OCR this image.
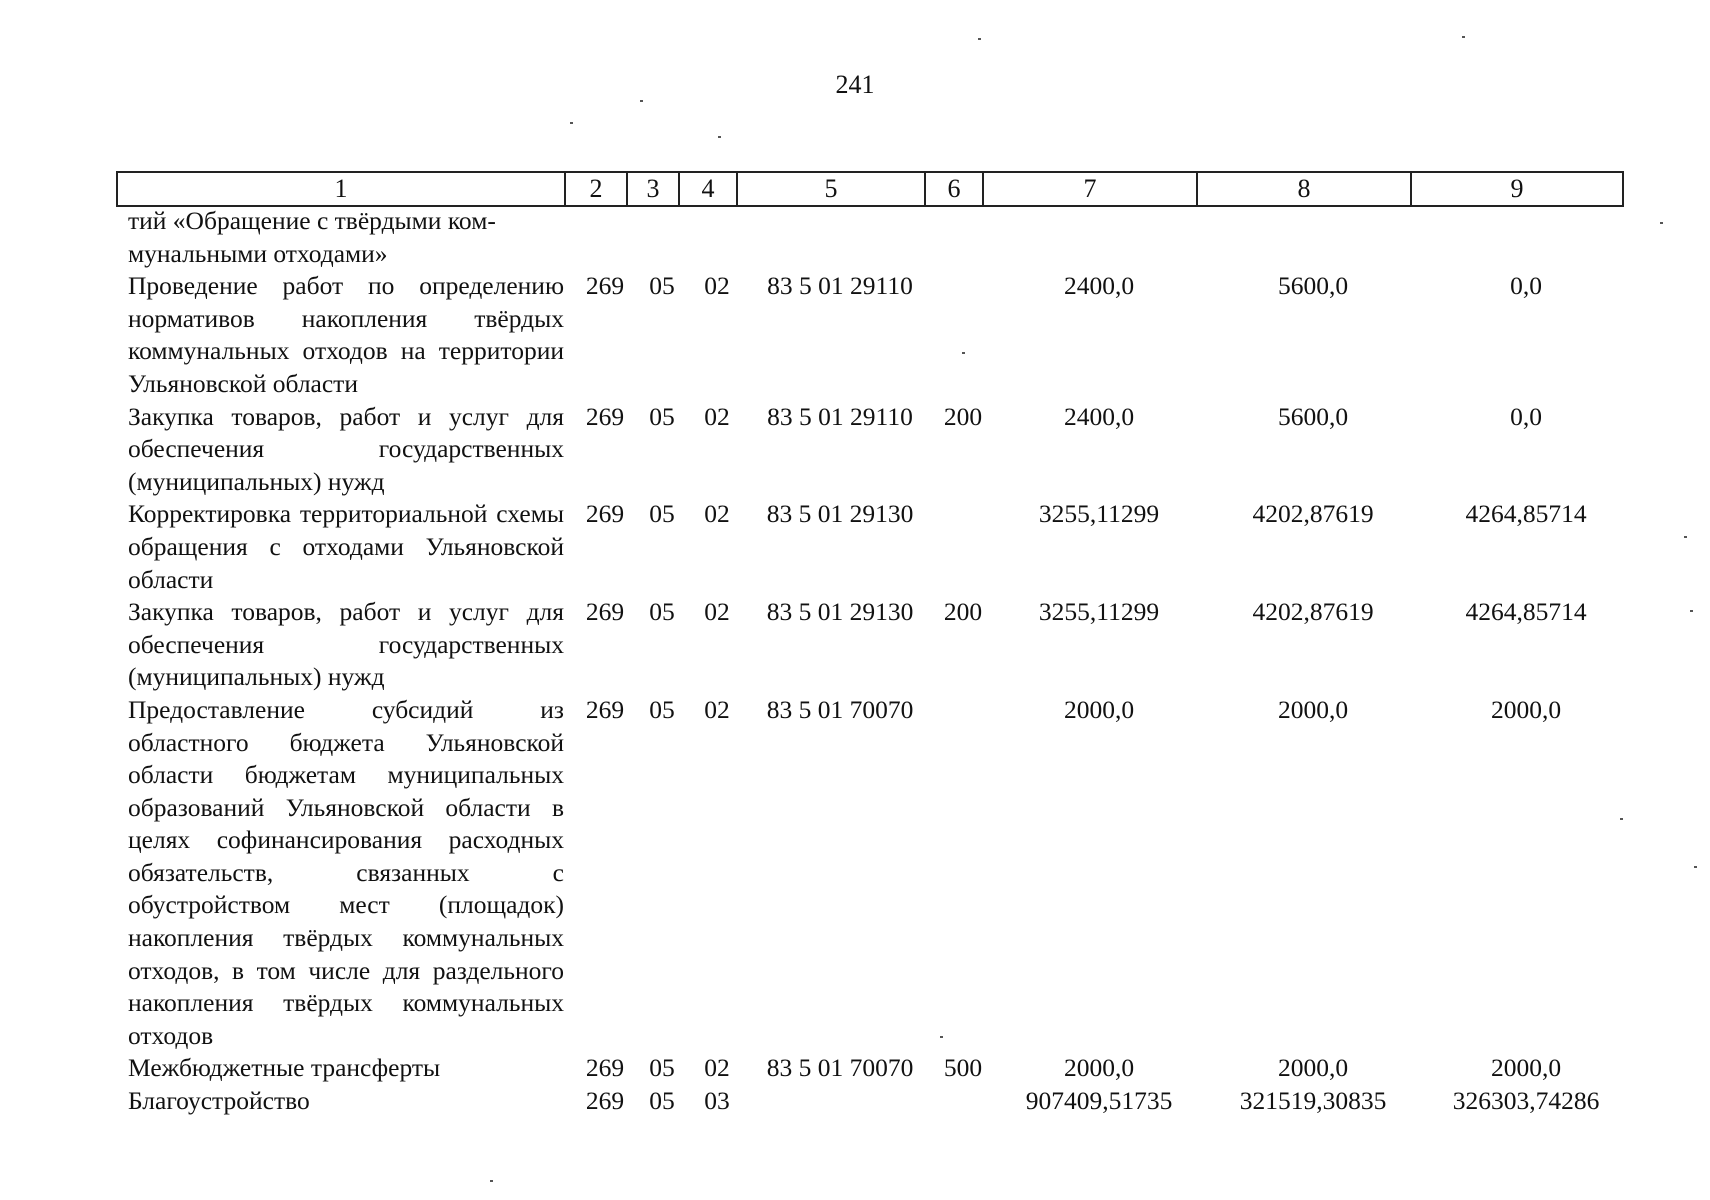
241
1	2	3	4	5	6	7	8	9
тий «Обращение с твёрдыми ком-
мунальными отходами»								
Проведение работ по определению нормативов накопления твёрдых коммунальных отходов на территории Ульяновской области	269	05	02	83 5 01 29110		2400,0	5600,0	0,0
Закупка товаров, работ и услуг для обеспечения государственных (муниципальных) нужд	269	05	02	83 5 01 29110	200	2400,0	5600,0	0,0
Корректировка территориальной схемы обращения с отходами Ульяновской области	269	05	02	83 5 01 29130		3255,11299	4202,87619	4264,85714
Закупка товаров, работ и услуг для обеспечения государственных (муниципальных) нужд	269	05	02	83 5 01 29130	200	3255,11299	4202,87619	4264,85714
Предоставление субсидий из областного бюджета Ульяновской области бюджетам муниципальных образований Ульяновской области в целях софинансирования расходных обязательств, связанных с обустройством мест (площадок) накопления твёрдых коммунальных отходов, в том числе для раздельного накопления твёрдых коммунальных отходов	269	05	02	83 5 01 70070		2000,0	2000,0	2000,0
Межбюджетные трансферты	269	05	02	83 5 01 70070	500	2000,0	2000,0	2000,0
Благоустройство	269	05	03			907409,51735	321519,30835	326303,74286
